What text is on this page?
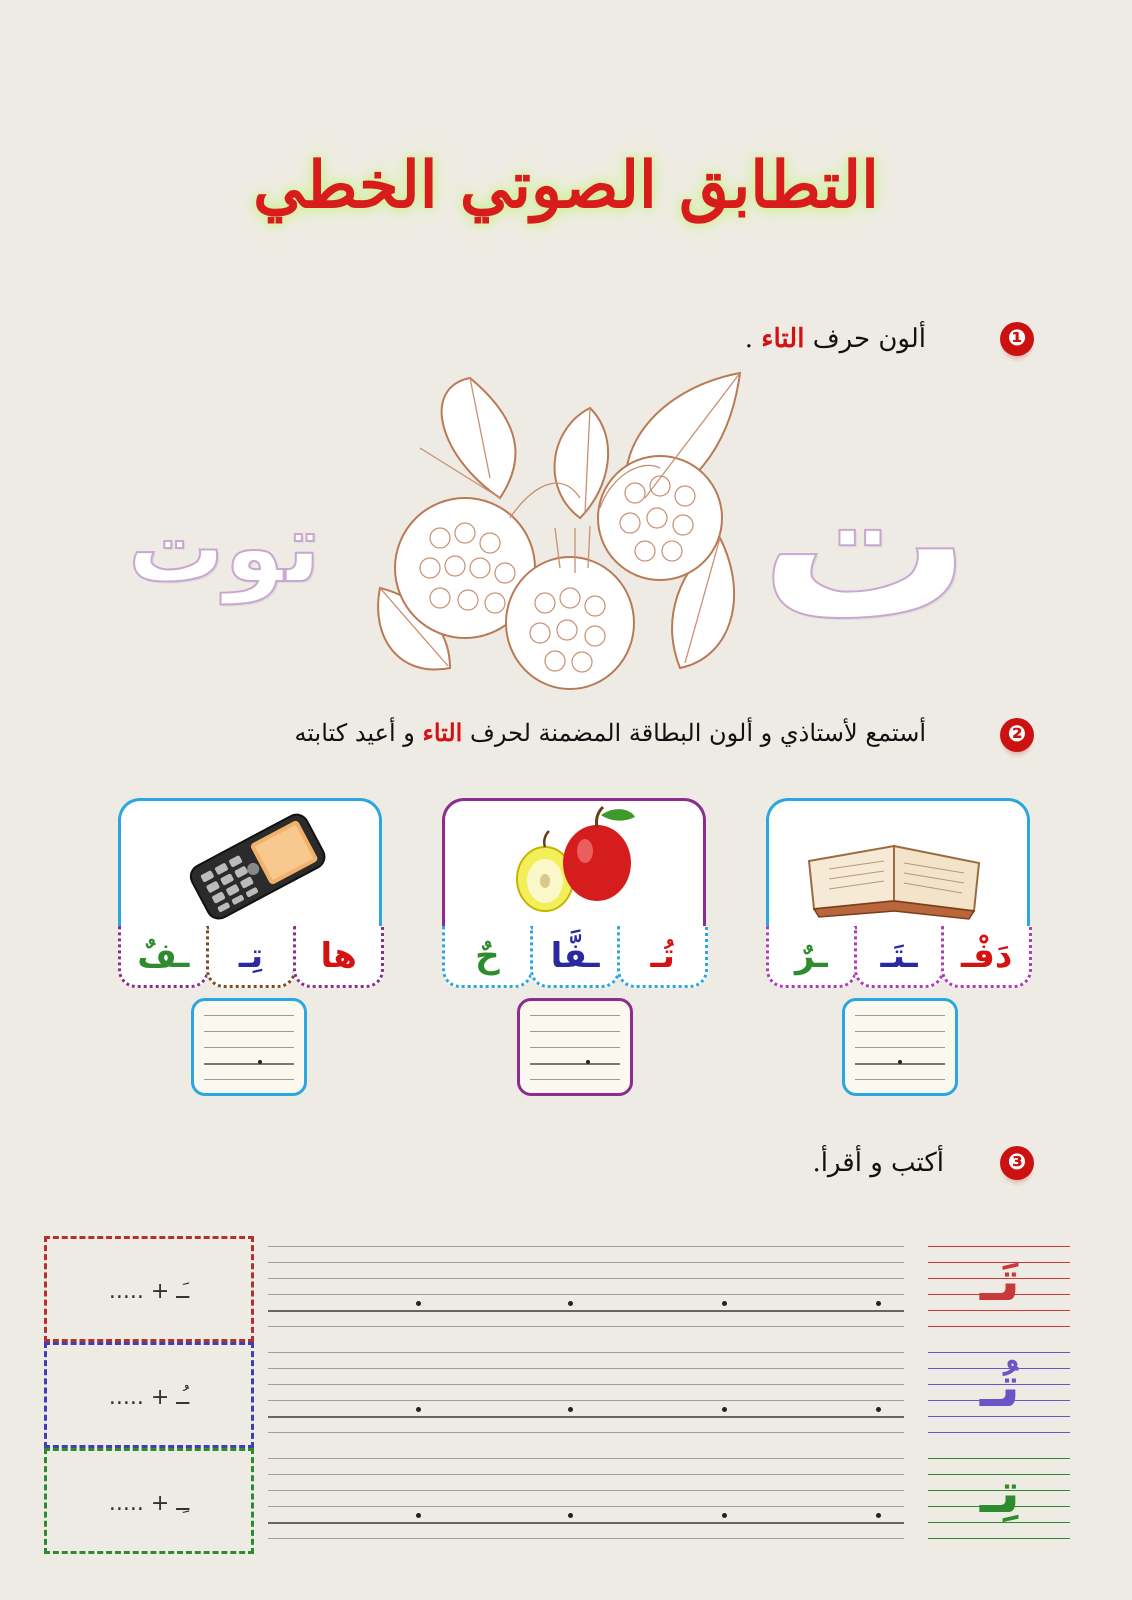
التطابق الصوتي الخطي
❶
ألون حرف التاء .
ت
توت
❷
أستمع لأستاذي و ألون البطاقة المضمنة لحرف التاء و أعيد كتابته
ـرٌ	ـتَـ	دَفْـ
حٌ	ـفَّا	تُـ
ـفٌ	تِـ	ها
❸
أكتب و أقرأ.
..... + ـَـ	تَـ
..... + ـُـ	تُـ
..... + ـِـ	تِـ
